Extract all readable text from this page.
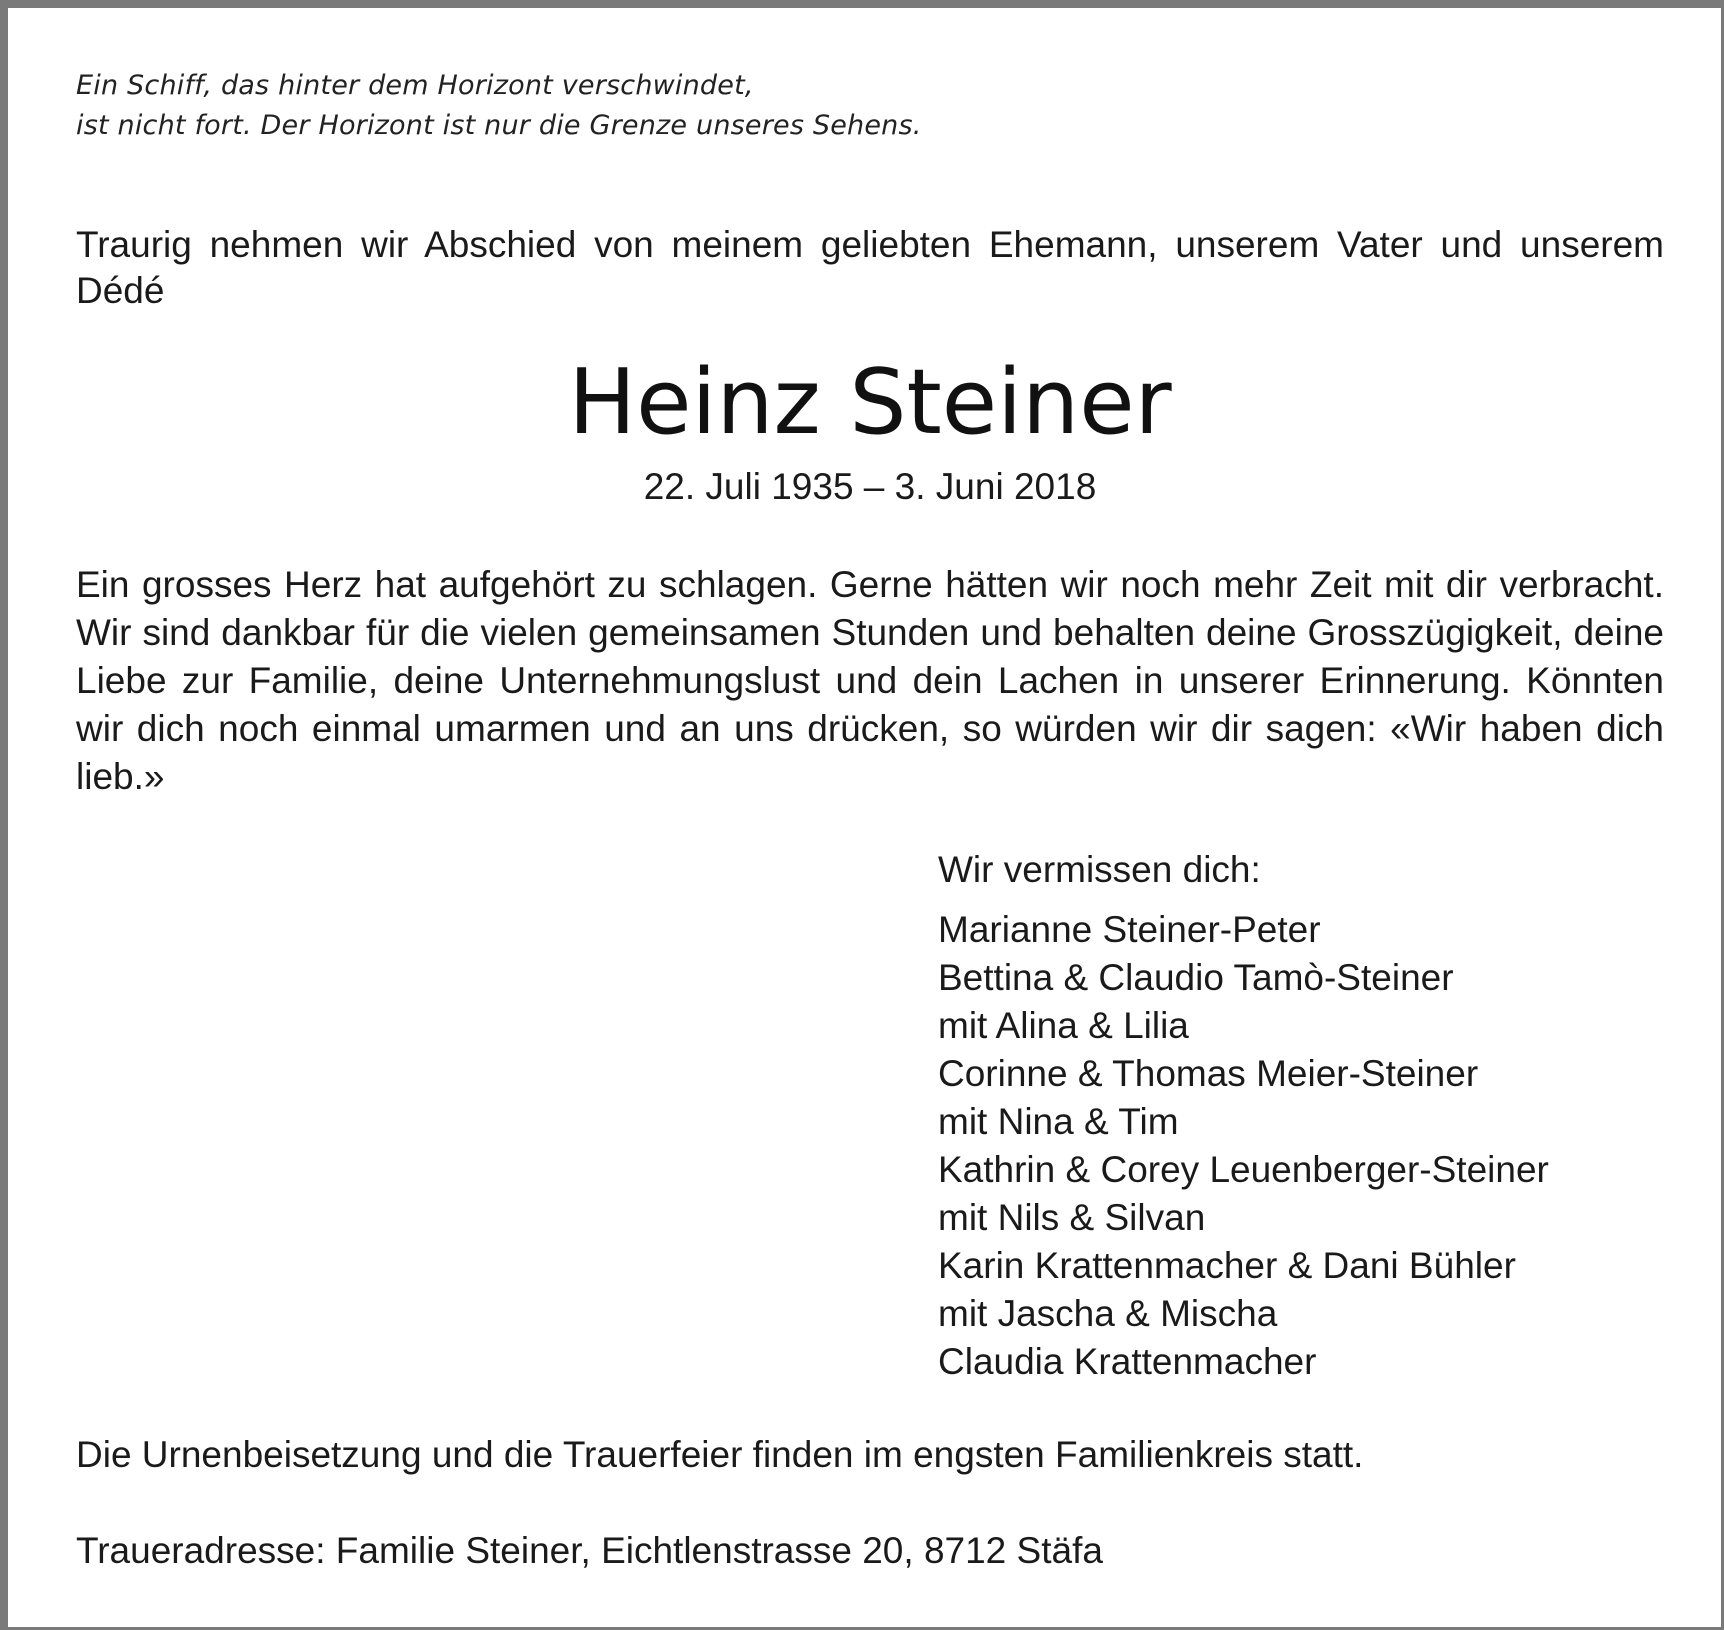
Ein Schiff, das hinter dem Horizont verschwindet,
ist nicht fort. Der Horizont ist nur die Grenze unseres Sehens.
Traurig nehmen wir Abschied von meinem geliebten Ehemann, unserem Vater und unserem Dédé
Heinz Steiner
22. Juli 1935 – 3. Juni 2018
Ein grosses Herz hat aufgehört zu schlagen. Gerne hätten wir noch mehr Zeit mit dir verbracht. Wir sind dankbar für die vielen gemeinsamen Stunden und behalten deine Grosszügigkeit, deine Liebe zur Familie, deine Unternehmungslust und dein Lachen in unserer Erinnerung. Könnten wir dich noch einmal umarmen und an uns drücken, so würden wir dir sagen: «Wir haben dich lieb.»
Wir vermissen dich:
Marianne Steiner-Peter
Bettina & Claudio Tamò-Steiner
mit Alina & Lilia
Corinne & Thomas Meier-Steiner
mit Nina & Tim
Kathrin & Corey Leuenberger-Steiner
mit Nils & Silvan
Karin Krattenmacher & Dani Bühler
mit Jascha & Mischa
Claudia Krattenmacher
Die Urnenbeisetzung und die Trauerfeier finden im engsten Familienkreis statt.
Traueradresse: Familie Steiner, Eichtlenstrasse 20, 8712 Stäfa
